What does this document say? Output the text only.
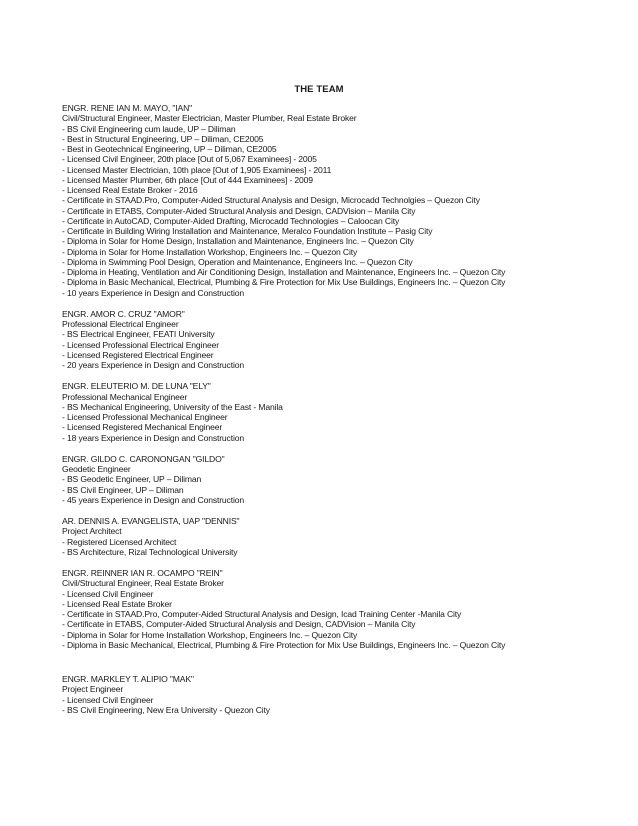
THE TEAM
ENGR. RENE IAN M. MAYO, "IAN"
Civil/Structural Engineer, Master Electrician, Master Plumber, Real Estate Broker
- BS Civil Engineering cum laude, UP – Diliman
- Best in Structural Engineering, UP – Diliman, CE2005
- Best in Geotechnical Engineering, UP – Diliman, CE2005
- Licensed Civil Engineer, 20th place [Out of 5,067 Examinees] - 2005
- Licensed Master Electrician, 10th place [Out of 1,905 Examinees] - 2011
- Licensed Master Plumber, 6th place [Out of 444 Examinees] - 2009
- Licensed Real Estate Broker - 2016
- Certificate in STAAD.Pro, Computer-Aided Structural Analysis and Design, Microcadd Technolgies – Quezon City
- Certificate in ETABS, Computer-Aided Structural Analysis and Design, CADVision – Manila City
- Certificate in AutoCAD, Computer-Aided Drafting, Microcadd Technologies – Caloocan City
- Certificate in Building Wiring Installation and Maintenance, Meralco Foundation Institute – Pasig City
- Diploma in Solar for Home Design, Installation and Maintenance, Engineers Inc. – Quezon City
- Diploma in Solar for Home Installation Workshop, Engineers Inc. – Quezon City
- Diploma in Swimming Pool Design, Operation and Maintenance, Engineers Inc. – Quezon City
- Diploma in Heating, Ventilation and Air Conditioning Design, Installation and Maintenance, Engineers Inc. – Quezon City
- Diploma in Basic Mechanical, Electrical, Plumbing & Fire Protection for Mix Use Buildings, Engineers Inc. – Quezon City
- 10 years Experience in Design and Construction
ENGR. AMOR C. CRUZ "AMOR"
Professional Electrical Engineer
- BS Electrical Engineer, FEATI University
- Licensed Professional Electrical Engineer
- Licensed Registered Electrical Engineer
- 20 years Experience in Design and Construction
ENGR. ELEUTERIO M. DE LUNA "ELY"
Professional Mechanical Engineer
- BS Mechanical Engineering, University of the East - Manila
- Licensed Professional Mechanical Engineer
- Licensed Registered Mechanical Engineer
- 18 years Experience in Design and Construction
ENGR. GILDO C. CARONONGAN "GILDO"
Geodetic Engineer
- BS Geodetic Engineer, UP – Diliman
- BS Civil Engineer, UP – Diliman
- 45 years Experience in Design and Construction
AR. DENNIS A. EVANGELISTA, UAP "DENNIS"
Project Architect
- Registered Licensed Architect
- BS Architecture, Rizal Technological University
ENGR. REINNER IAN R. OCAMPO "REIN"
Civil/Structural Engineer, Real Estate Broker
- Licensed Civil Engineer
- Licensed Real Estate Broker
- Certificate in STAAD.Pro, Computer-Aided Structural Analysis and Design, Icad Training Center -Manila City
- Certificate in ETABS, Computer-Aided Structural Analysis and Design, CADVision – Manila City
- Diploma in Solar for Home Installation Workshop, Engineers Inc. – Quezon City
- Diploma in Basic Mechanical, Electrical, Plumbing & Fire Protection for Mix Use Buildings, Engineers Inc. – Quezon City
ENGR. MARKLEY T. ALIPIO "MAK"
Project Engineer
- Licensed Civil Engineer
- BS Civil Engineering, New Era University - Quezon City
